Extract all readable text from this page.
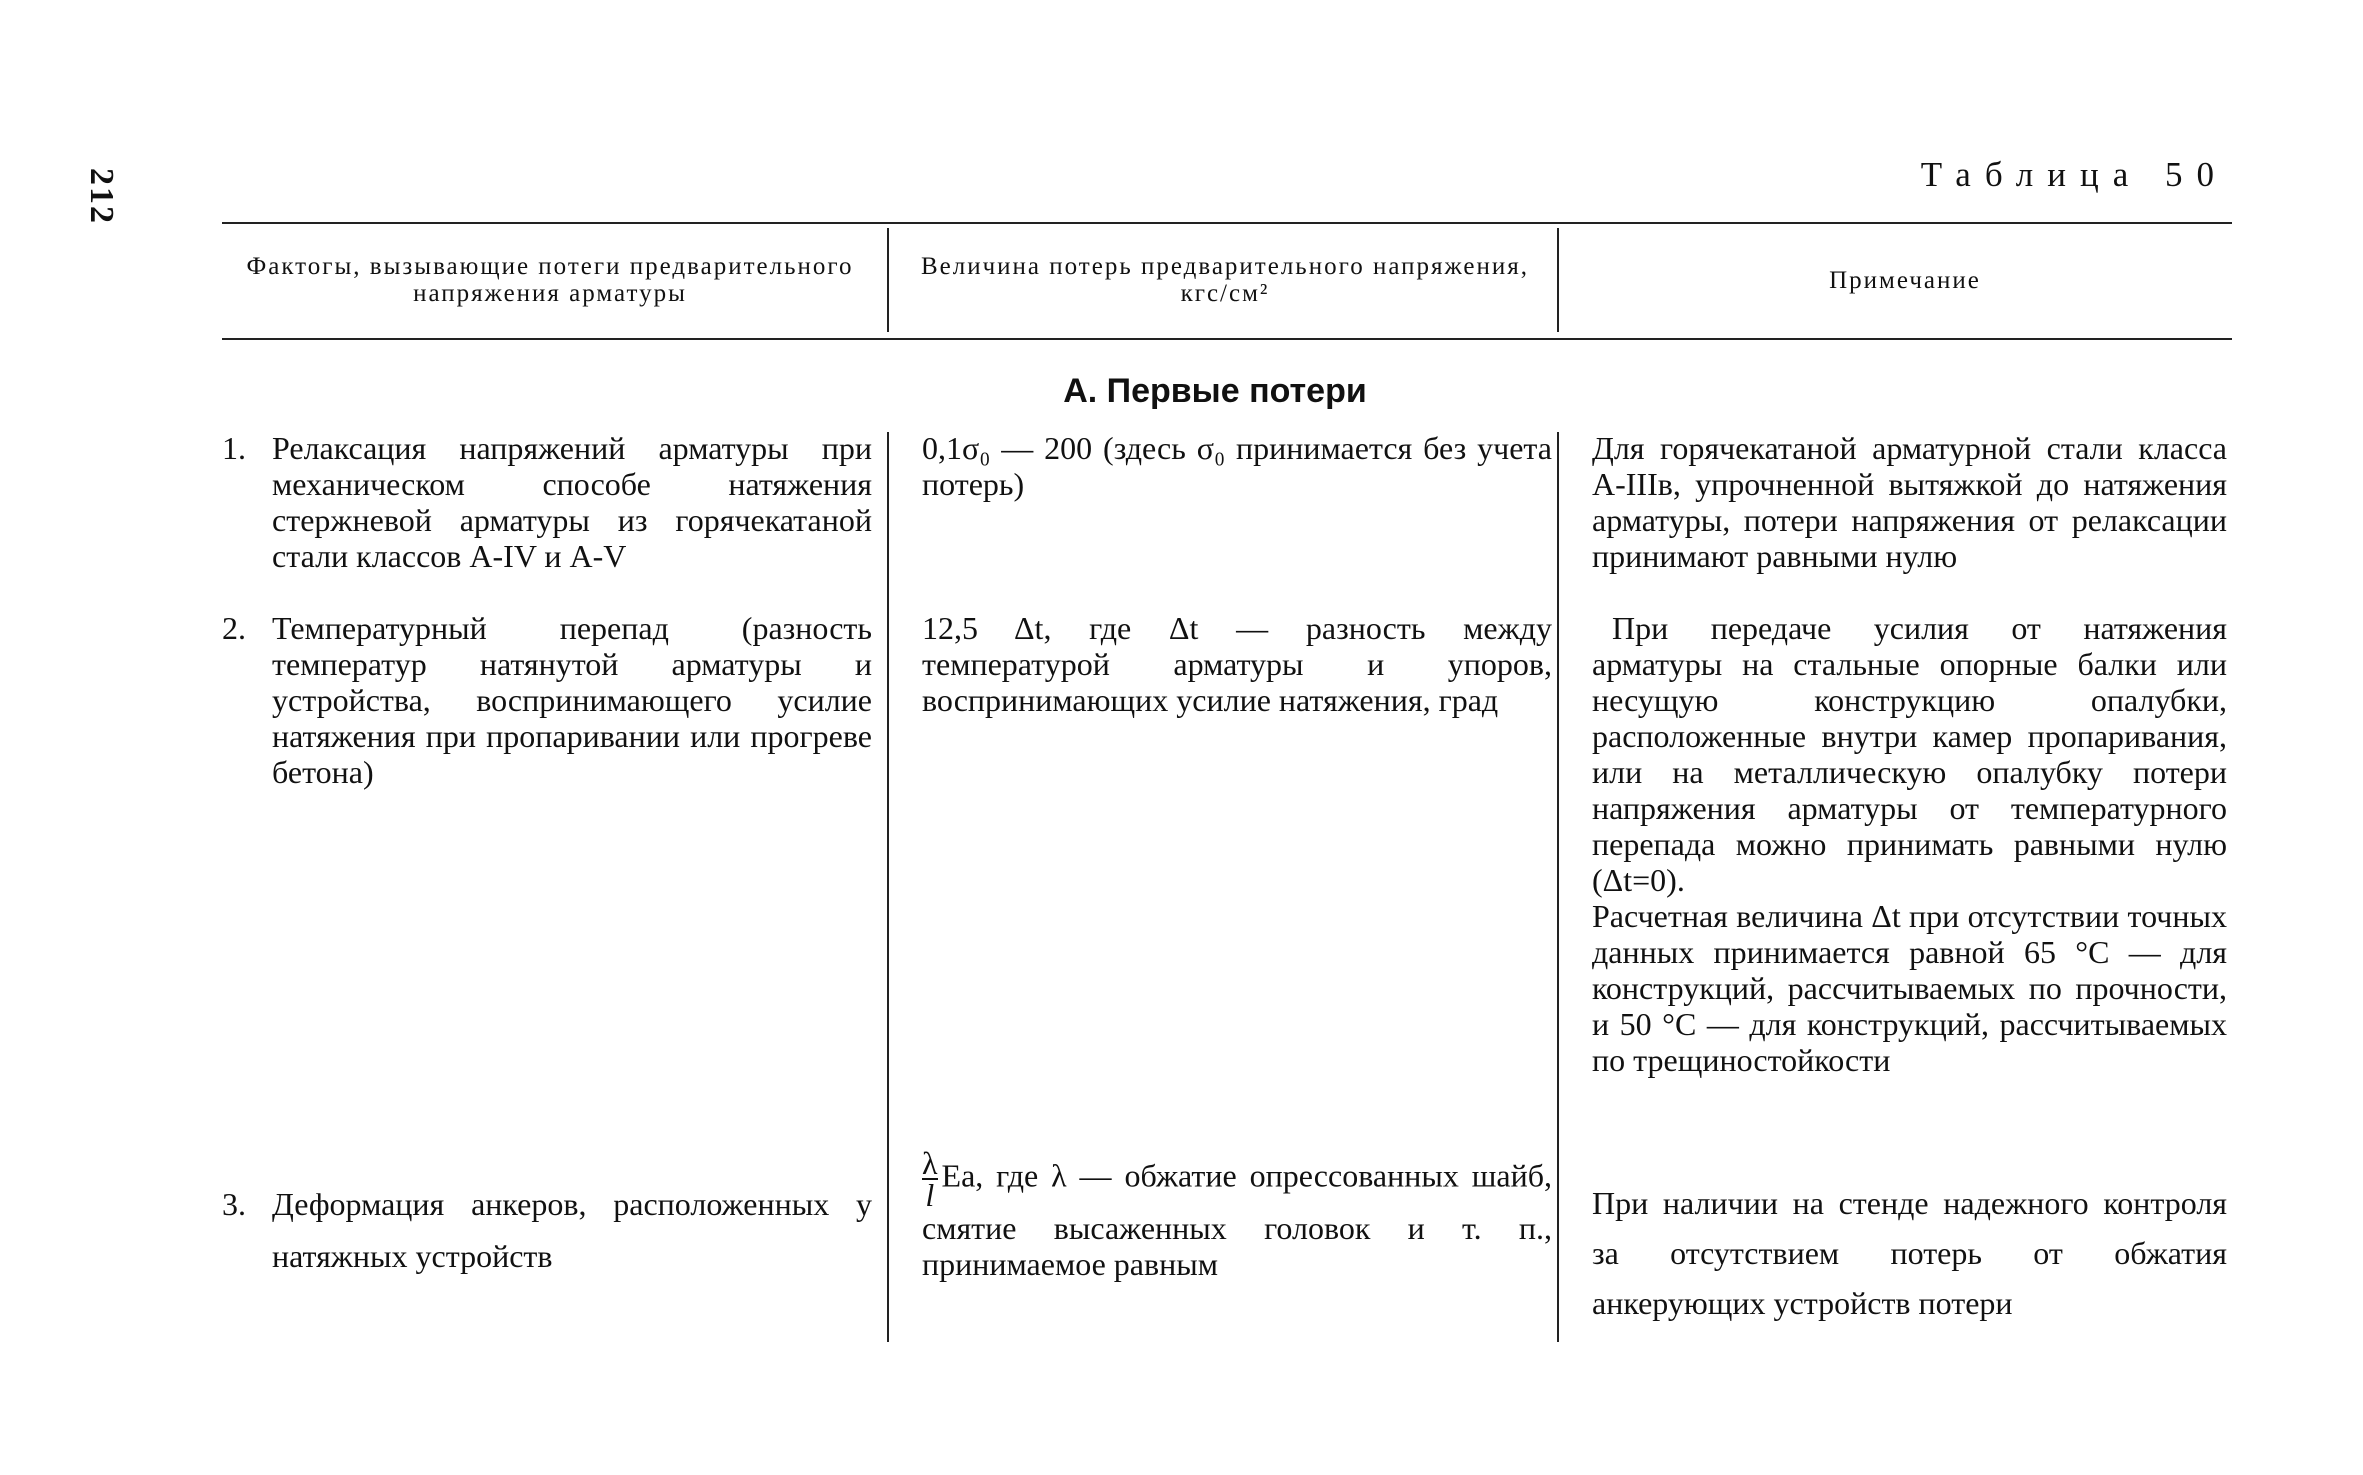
212	Таблица 50
Фактогы, вызывающие потеги предварительного напряжения арматуры
Величина потерь предварительного напряжения, кгс/см²	Примечание
А. Первые потери
1. Релаксация напряжений арматуры при механическом способе натяжения стержневой арматуры из горячекатаной стали классов A-IV и A-V
0,1σ₀ — 200 (здесь σ₀ принимается без учета потерь)

Для горячекатаной арматурной стали класса А-IIIв, упрочненной вытяжкой до натяжения арматуры, потери напряжения от релаксации принимают равными нулю

2. Температурный перепад (разность температур натянутой арматуры и устройства, воспринимающего усилие натяжения при пропаривании или прогреве бетона)
12,5 Δt, где Δt — разность между температурой арматуры и упоров, воспринимающих усилие натяжения, град

При передаче усилия от натяжения арматуры на стальные опорные балки или несущую конструкцию опалубки, расположенные внутри камер пропаривания, или на металлическую опалубку потери напряжения арматуры от температурного перепада можно принимать равными нулю (Δt=0).

Расчетная величина Δt при отсутствии точных данных принимается равной 65 °С — для конструкций, рассчитываемых по прочности, и 50 °С — для конструкций, рассчитываемых по трещиностойкости

3. Деформация анкеров, расположенных у натяжных устройств
$\frac{\lambda}{l}$ Eа, где λ — обжатие опрессованных шайб, смятие высаженных головок и т. п., принимаемое равным

При наличии на стенде надежного контроля за отсутствием потерь от обжатия анкерующих устройств потери
